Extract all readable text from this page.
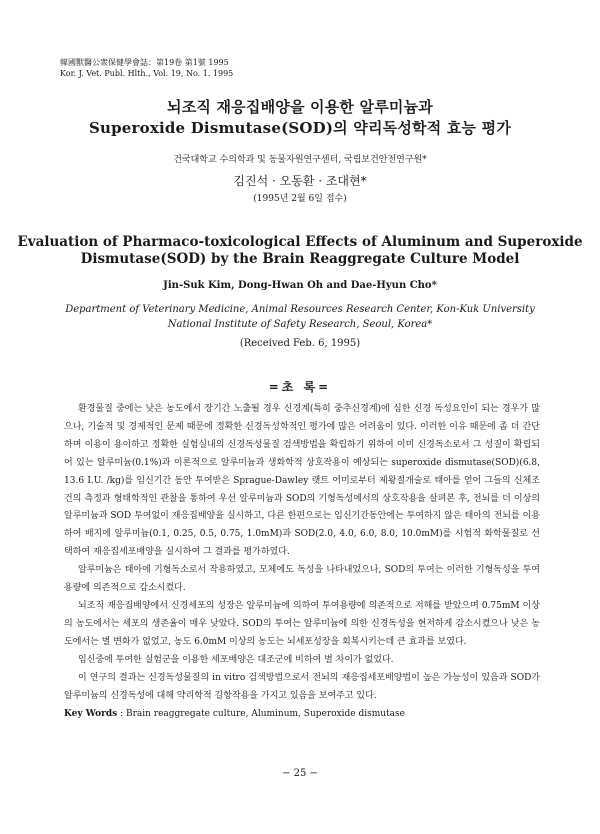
韓國獸醫公衆保健學會誌：第19卷 第1號 1995
Kor. J. Vet. Publ. Hlth., Vol. 19, No. 1. 1995
뇌조직 재응집배양을 이용한 알루미늄과
Superoxide Dismutase(SOD)의 약리독성학적 효능 평가
건국대학교 수의학과 및 동물자원연구센터, 국립보건안전연구원*
김진석 · 오동환 · 조대현*
(1995년 2월 6일 접수)
Evaluation of Pharmaco-toxicological Effects of Aluminum and Superoxide
Dismutase(SOD) by the Brain Reaggregate Culture Model
Jin-Suk Kim, Dong-Hwan Oh and Dae-Hyun Cho*
Department of Veterinary Medicine, Animal Resources Research Center, Kon-Kuk University
National Institute of Safety Research, Seoul, Korea*
(Received Feb. 6, 1995)
=초 록=

환경물질 중에는 낮은 농도에서 장기간 노출될 경우 신경계(특히 중추신경계)에 심한 신경 독성요인이 되는 경우가 많으나, 기술적 및 경제적인 문제 때문에 정확한 신경독성학적인 평가에 많은 어려움이 있다. 이러한 이유 때문에 좀 더 간단하며 이용이 용이하고 정확한 실험실내의 신경독성물질 검색방법을 확립하기 위하여 이미 신경독소로서 그 성질이 확립되어 있는 알루미늄(0.1%)과 이론적으로 알루미늄과 생화학적 상호작용이 예상되는 superoxide dismutase(SOD)(6.8, 13.6 I.U. /kg)를 임신기간 동안 투여받은 Sprague-Dawley 랫트 어미로부터 제왕절개술로 태아를 얻어 그들의 신체조건의 측정과 형태학적인 관찰을 통하여 우선 알루미늄과 SOD의 기형독성에서의 상호작용을 살펴본 후, 전뇌를 더 이상의 알루미늄과 SOD 투여없이 재응집배양을 실시하고, 다른 한편으로는 임신기간동안에는 투여하지 않은 태아의 전뇌를 이용하여 배지에 알루미늄(0.1, 0.25, 0.5, 0.75, 1.0mM)과 SOD(2.0, 4.0, 6.0, 8.0, 10.0mM)를 시험적 화학물질로 선택하여 재응집세포배양을 실시하여 그 결과를 평가하였다.

알루미늄은 태아에 기형독소로서 작용하였고, 모체에도 독성을 나타내었으나, SOD의 투여는 이러한 기형독성을 투여용량에 의존적으로 감소시켰다.

뇌조직 재응집배양에서 신경세포의 성장은 알루미늄에 의하여 투여용량에 의존적으로 저해를 받았으며 0.75mM 이상의 농도에서는 세포의 생존율이 매우 낮았다. SOD의 투여는 알루미늄에 의한 신경독성을 현저하게 감소시켰으나 낮은 농도에서는 별 변화가 없었고, 농도 6.0mM 이상의 농도는 뇌세포성장을 회복시키는데 큰 효과를 보였다.

임신중에 투여한 실험군을 이용한 세포배양은 대조군에 비하여 별 차이가 없었다.

이 연구의 결과는 신경독성물질의 in vitro 검색방법으로서 전뇌의 재응집세포배양법이 높은 가능성이 있음과 SOD가 알루미늄의 신경독성에 대해 약리학적 길항작용을 가지고 있음을 보여주고 있다.

Key Words : Brain reaggregate culture, Aluminum, Superoxide dismutase
− 25 −
